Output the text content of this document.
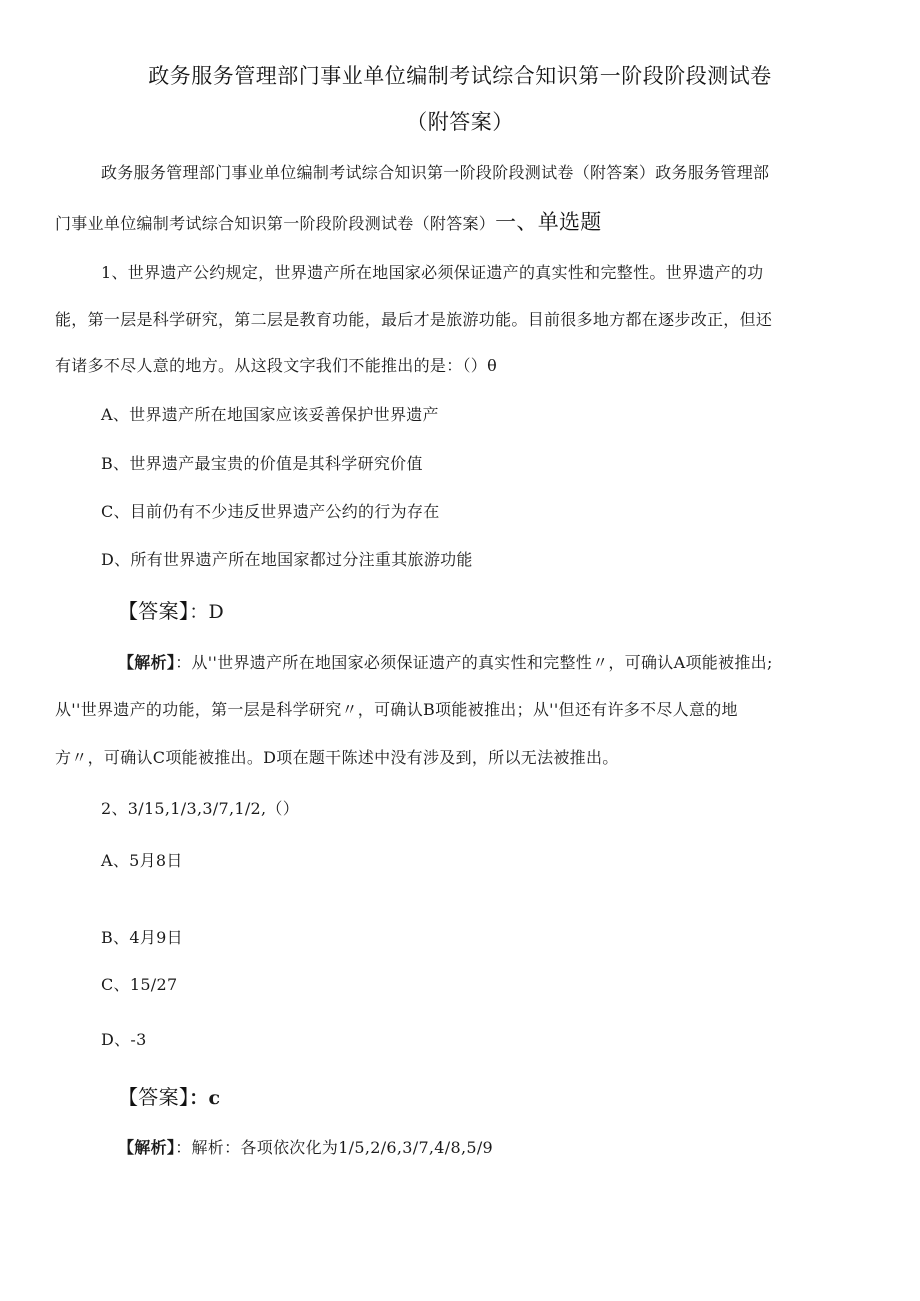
政务服务管理部门事业单位编制考试综合知识第一阶段阶段测试卷
（附答案）
政务服务管理部门事业单位编制考试综合知识第一阶段阶段测试卷（附答案）政务服务管理部
门事业单位编制考试综合知识第一阶段阶段测试卷（附答案）一、单选题
1、世界遗产公约规定，世界遗产所在地国家必须保证遗产的真实性和完整性。世界遗产的功
能，第一层是科学研究，第二层是教育功能，最后才是旅游功能。目前很多地方都在逐步改正，但还
有诸多不尽人意的地方。从这段文字我们不能推出的是：（）θ
A、世界遗产所在地国家应该妥善保护世界遗产
B、世界遗产最宝贵的价值是其科学研究价值
C、目前仍有不少违反世界遗产公约的行为存在
D、所有世界遗产所在地国家都过分注重其旅游功能
【答案】：D
【解析】：从''世界遗产所在地国家必须保证遗产的真实性和完整性〃，可确认A项能被推出;
从''世界遗产的功能，第一层是科学研究〃，可确认B项能被推出；从''但还有许多不尽人意的地
方〃，可确认C项能被推出。D项在题干陈述中没有涉及到，所以无法被推出。
2、3/15,1/3,3/7,1/2,（）
A、5月8日
B、4月9日
C、15/27
D、-3
【答案】：c
【解析】：解析：各项依次化为1/5,2/6,3/7,4/8,5/9
